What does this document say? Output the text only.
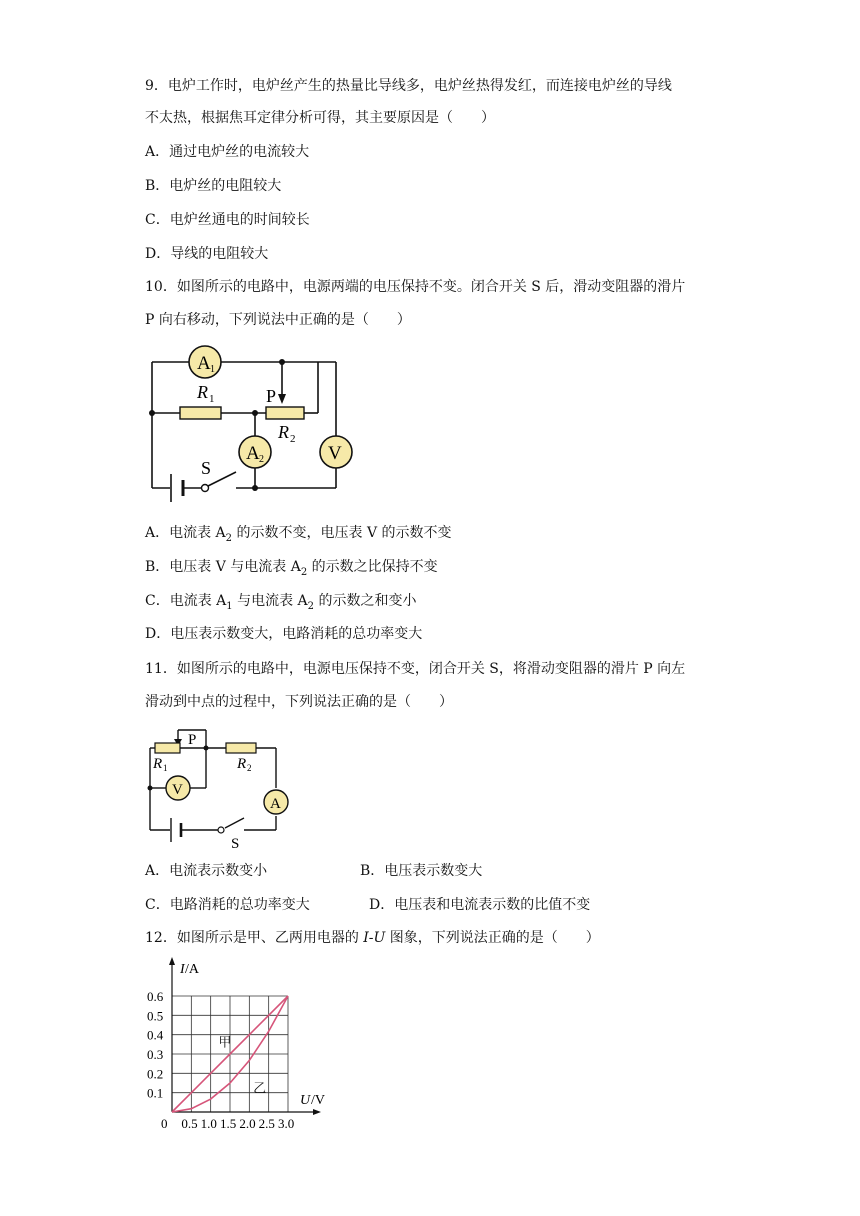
9．电炉工作时，电炉丝产生的热量比导线多，电炉丝热得发红，而连接电炉丝的导线
不太热，根据焦耳定律分析可得，其主要原因是（　　）
A．通过电炉丝的电流较大
B．电炉丝的电阻较大
C．电炉丝通电的时间较长
D．导线的电阻较大
10．如图所示的电路中，电源两端的电压保持不变。闭合开关 S 后，滑动变阻器的滑片
P 向右移动，下列说法中正确的是（　　）
A 1
A 2	V
R 1	P
R 2
S
A．电流表 $A_2$ 的示数不变，电压表 V 的示数不变
B．电压表 V 与电流表 $A_2$ 的示数之比保持不变
C．电流表 $A_1$ 与电流表 $A_2$ 的示数之和变小
D．电压表示数变大，电路消耗的总功率变大
11．如图所示的电路中，电源电压保持不变，闭合开关 S，将滑动变阻器的滑片 P 向左
滑动到中点的过程中，下列说法正确的是（　　）
V
A
P
R 1	R 2
S
A．电流表示数变小	B．电压表示数变大
C．电路消耗的总功率变大	D．电压表和电流表示数的比值不变
12．如图所示是甲、乙两用电器的 I-U 图象，下列说法正确的是（　　）
0.6
0.5
0.4
0.3
0.2
0.1
0.5 1.0 1.5 2.0 2.5 3.0
甲
乙
I /A
U /V
0
